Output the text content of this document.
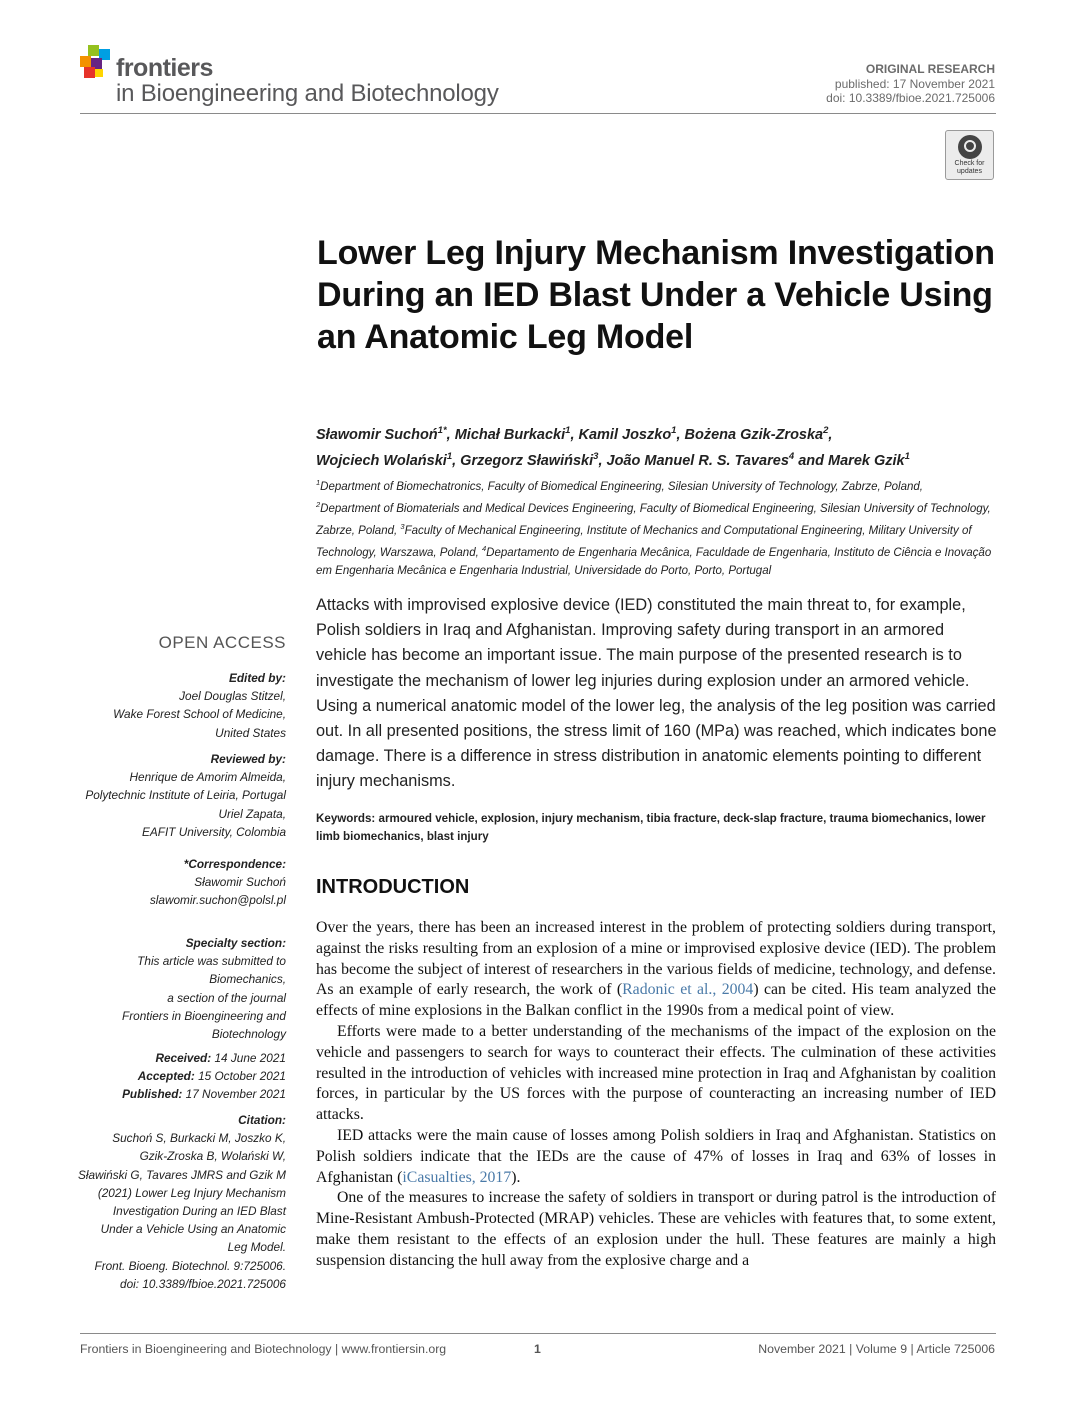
frontiers
in Bioengineering and Biotechnology
ORIGINAL RESEARCH
published: 17 November 2021
doi: 10.3389/fbioe.2021.725006
Check for
updates
Lower Leg Injury Mechanism Investigation During an IED Blast Under a Vehicle Using an Anatomic Leg Model
Sławomir Suchoń$^{1*}$, Michał Burkacki$^1$, Kamil Joszko$^1$, Bożena Gzik-Zroska$^2$,
Wojciech Wolański$^1$, Grzegorz Sławiński$^3$, João Manuel R. S. Tavares$^4$ and Marek Gzik$^1$
$^1$Department of Biomechatronics, Faculty of Biomedical Engineering, Silesian University of Technology, Zabrze, Poland,
$^2$Department of Biomaterials and Medical Devices Engineering, Faculty of Biomedical Engineering, Silesian University of Technology, Zabrze, Poland, $^3$Faculty of Mechanical Engineering, Institute of Mechanics and Computational Engineering, Military University of Technology, Warszawa, Poland, $^4$Departamento de Engenharia Mecânica, Faculdade de Engenharia, Instituto de Ciência e Inovação em Engenharia Mecânica e Engenharia Industrial, Universidade do Porto, Porto, Portugal
Attacks with improvised explosive device (IED) constituted the main threat to, for example, Polish soldiers in Iraq and Afghanistan. Improving safety during transport in an armored vehicle has become an important issue. The main purpose of the presented research is to investigate the mechanism of lower leg injuries during explosion under an armored vehicle. Using a numerical anatomic model of the lower leg, the analysis of the leg position was carried out. In all presented positions, the stress limit of 160 (MPa) was reached, which indicates bone damage. There is a difference in stress distribution in anatomic elements pointing to different injury mechanisms.
Keywords: armoured vehicle, explosion, injury mechanism, tibia fracture, deck-slap fracture, trauma biomechanics, lower limb biomechanics, blast injury
OPEN ACCESS
Edited by:
Joel Douglas Stitzel,
Wake Forest School of Medicine,
United States
Reviewed by:
Henrique de Amorim Almeida,
Polytechnic Institute of Leiria, Portugal
Uriel Zapata,
EAFIT University, Colombia
*Correspondence:
Sławomir Suchoń
slawomir.suchon@polsl.pl
Specialty section:
This article was submitted to
Biomechanics,
a section of the journal
Frontiers in Bioengineering and
Biotechnology
Received: 14 June 2021
Accepted: 15 October 2021
Published: 17 November 2021
Citation:
Suchoń S, Burkacki M, Joszko K,
Gzik-Zroska B, Wolański W,
Sławiński G, Tavares JMRS and Gzik M
(2021) Lower Leg Injury Mechanism
Investigation During an IED Blast
Under a Vehicle Using an Anatomic
Leg Model.
Front. Bioeng. Biotechnol. 9:725006.
doi: 10.3389/fbioe.2021.725006
INTRODUCTION

Over the years, there has been an increased interest in the problem of protecting soldiers during transport, against the risks resulting from an explosion of a mine or improvised explosive device (IED). The problem has become the subject of interest of researchers in the various fields of medicine, technology, and defense. As an example of early research, the work of (Radonic et al., 2004) can be cited. His team analyzed the effects of mine explosions in the Balkan conflict in the 1990s from a medical point of view.

Efforts were made to a better understanding of the mechanisms of the impact of the explosion on the vehicle and passengers to search for ways to counteract their effects. The culmination of these activities resulted in the introduction of vehicles with increased mine protection in Iraq and Afghanistan by coalition forces, in particular by the US forces with the purpose of counteracting an increasing number of IED attacks.

IED attacks were the main cause of losses among Polish soldiers in Iraq and Afghanistan. Statistics on Polish soldiers indicate that the IEDs are the cause of 47% of losses in Iraq and 63% of losses in Afghanistan (iCasualties, 2017).

One of the measures to increase the safety of soldiers in transport or during patrol is the introduction of Mine-Resistant Ambush-Protected (MRAP) vehicles. These are vehicles with features that, to some extent, make them resistant to the effects of an explosion under the hull. These features are mainly a high suspension distancing the hull away from the explosive charge and a

Frontiers in Bioengineering and Biotechnology | www.frontiersin.org	1	November 2021 | Volume 9 | Article 725006
